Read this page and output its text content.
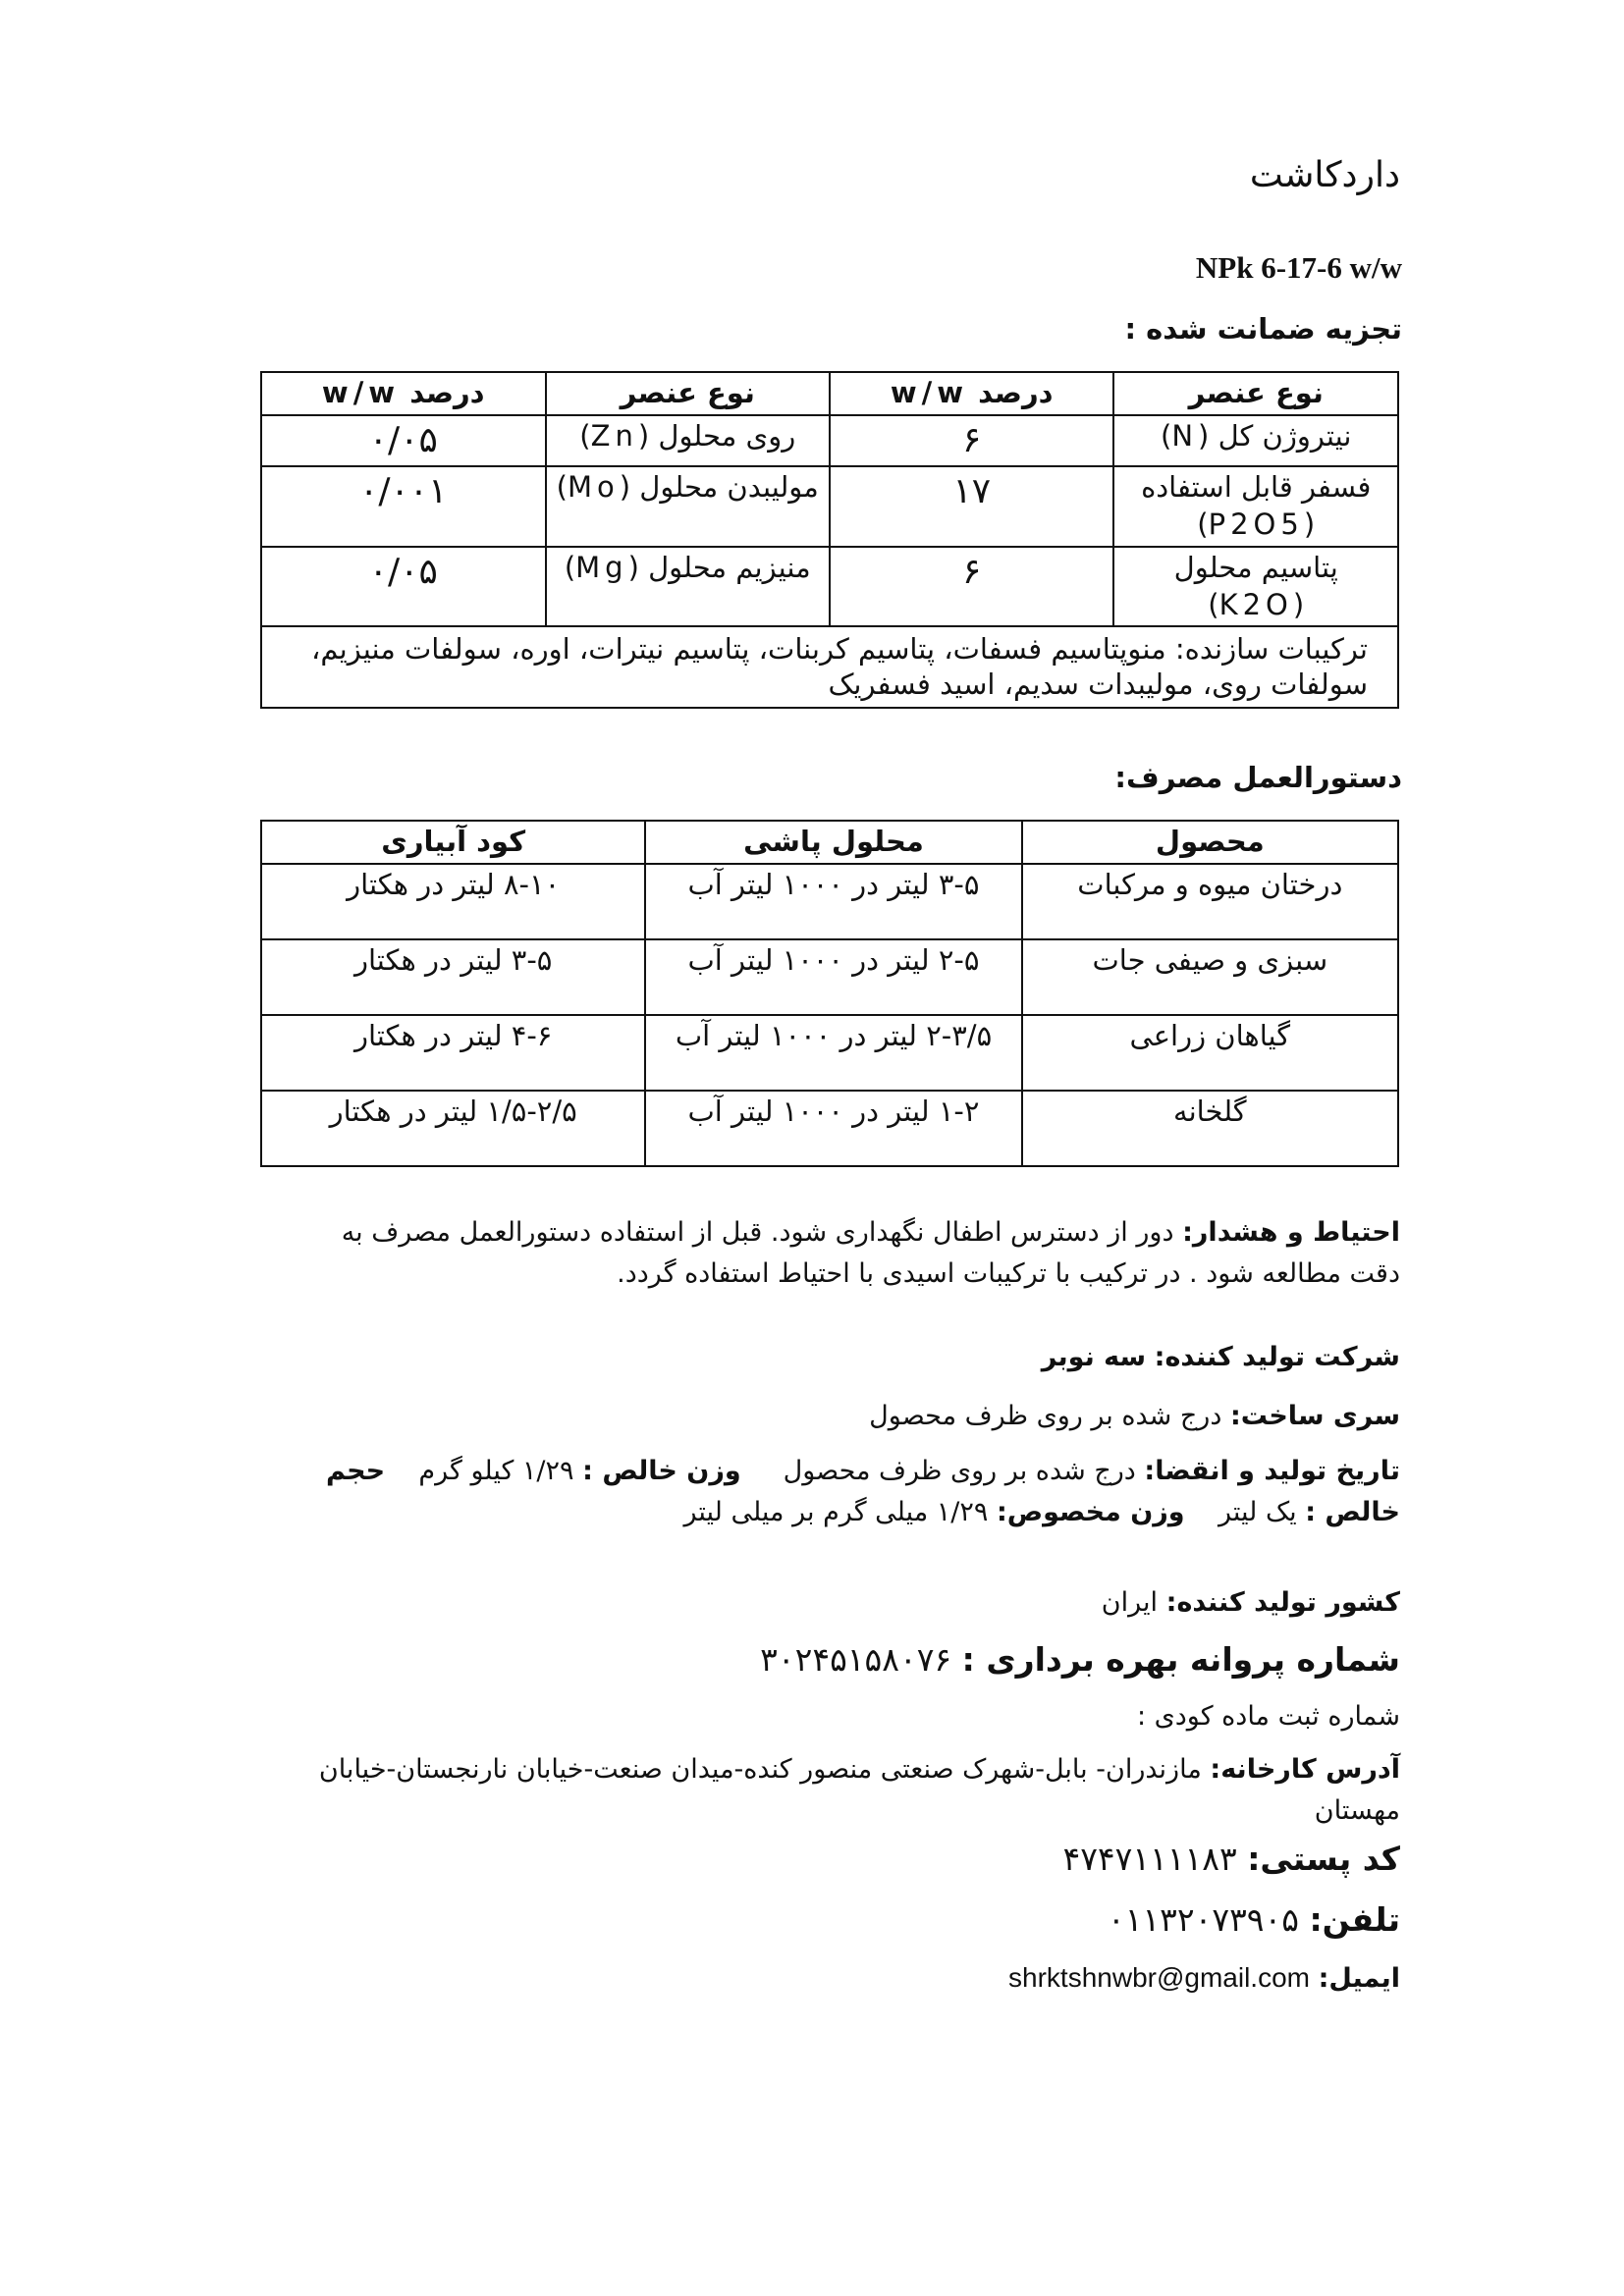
داردکاشت
NPk 6-17-6 w/w
تجزیه ضمانت شده :
نوع عنصر	درصد w/w	نوع عنصر	درصد w/w
نیتروژن کل (N)	۶	روی محلول (Zn)	۰/۰۵
فسفر قابل استفاده (P2O5)	۱۷	مولیبدن محلول (Mo)	۰/۰۰۱
پتاسیم محلول (K2O)	۶	منیزیم محلول (Mg)	۰/۰۵
ترکیبات سازنده: منوپتاسیم فسفات، پتاسیم کربنات، پتاسیم نیترات، اوره، سولفات منیزیم، سولفات روی، مولیبدات سدیم، اسید فسفریک			
دستورالعمل مصرف:
محصول	محلول پاشی	کود آبیاری
درختان میوه و مرکبات	۳-۵ لیتر در ۱۰۰۰ لیتر آب	۸-۱۰ لیتر در هکتار
سبزی و صیفی جات	۲-۵ لیتر در ۱۰۰۰ لیتر آب	۳-۵ لیتر در هکتار
گیاهان زراعی	۲-۳/۵ لیتر در ۱۰۰۰ لیتر آب	۴-۶ لیتر در هکتار
گلخانه	۱-۲ لیتر در ۱۰۰۰ لیتر آب	۱/۵-۲/۵ لیتر در هکتار
احتیاط و هشدار: دور از دسترس اطفال نگهداری شود. قبل از استفاده دستورالعمل مصرف به دقت مطالعه شود . در ترکیب با ترکیبات اسیدی با احتیاط استفاده گردد.
شرکت تولید کننده: سه نوبر
سری ساخت: درج شده بر روی ظرف محصول
تاریخ تولید و انقضا: درج شده بر روی ظرف محصول     وزن خالص : ۱/۲۹ کیلو گرم    حجم خالص : یک لیتر    وزن مخصوص: ۱/۲۹ میلی گرم بر میلی لیتر
کشور تولید کننده: ایران
شماره پروانه بهره برداری : ۳۰۲۴۵۱۵۸۰۷۶
شماره ثبت ماده کودی :
آدرس کارخانه: مازندران- بابل-شهرک صنعتی منصور کنده-میدان صنعت-خیابان نارنجستان-خیابان مهستان
کد پستی: ۴۷۴۷۱۱۱۱۸۳
تلفن: ۰۱۱۳۲۰۷۳۹۰۵
ایمیل: shrktshnwbr@gmail.com
